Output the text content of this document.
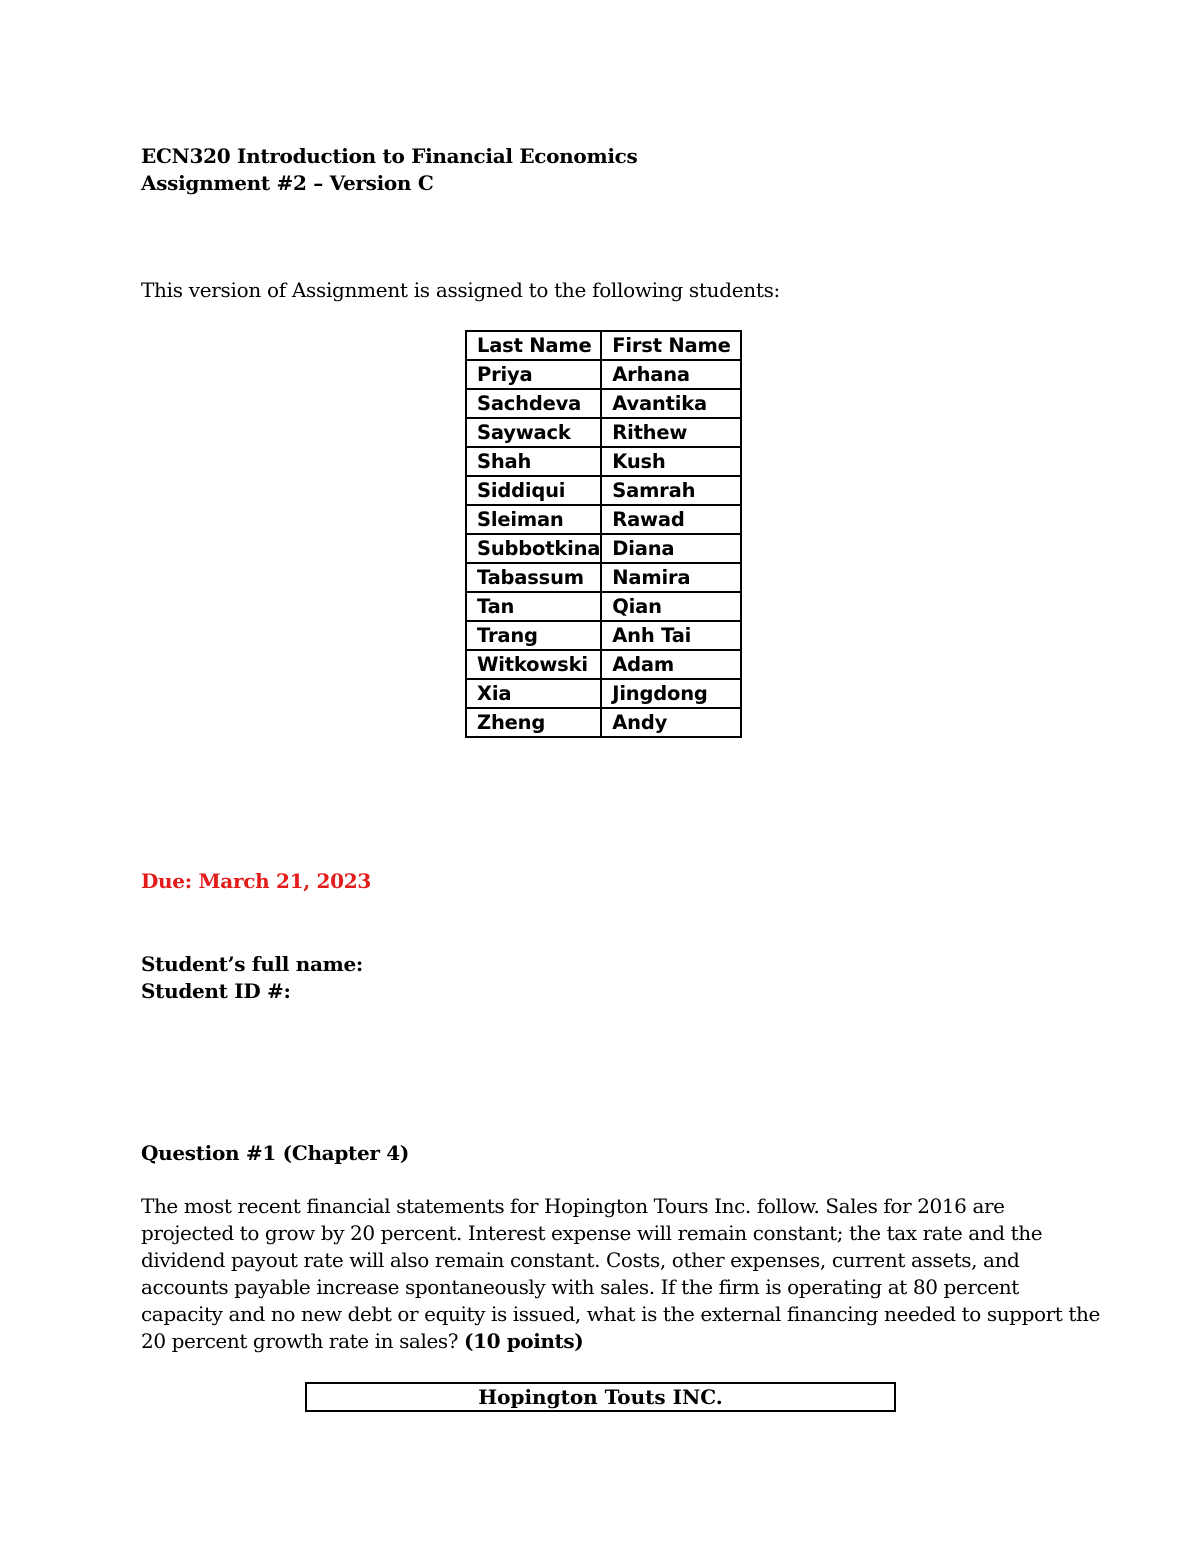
ECN320 Introduction to Financial Economics
Assignment #2 – Version C
This version of Assignment is assigned to the following students:
Last Name	First Name
Priya	Arhana
Sachdeva	Avantika
Saywack	Rithew
Shah	Kush
Siddiqui	Samrah
Sleiman	Rawad
Subbotkina	Diana
Tabassum	Namira
Tan	Qian
Trang	Anh Tai
Witkowski	Adam
Xia	Jingdong
Zheng	Andy
Due: March 21, 2023
Student’s full name:
Student ID #:
Question #1 (Chapter 4)
The most recent financial statements for Hopington Tours Inc. follow. Sales for 2016 are
projected to grow by 20 percent. Interest expense will remain constant; the tax rate and the
dividend payout rate will also remain constant. Costs, other expenses, current assets, and
accounts payable increase spontaneously with sales. If the firm is operating at 80 percent
capacity and no new debt or equity is issued, what is the external financing needed to support the
20 percent growth rate in sales? (10 points)
Hopington Touts INC.
